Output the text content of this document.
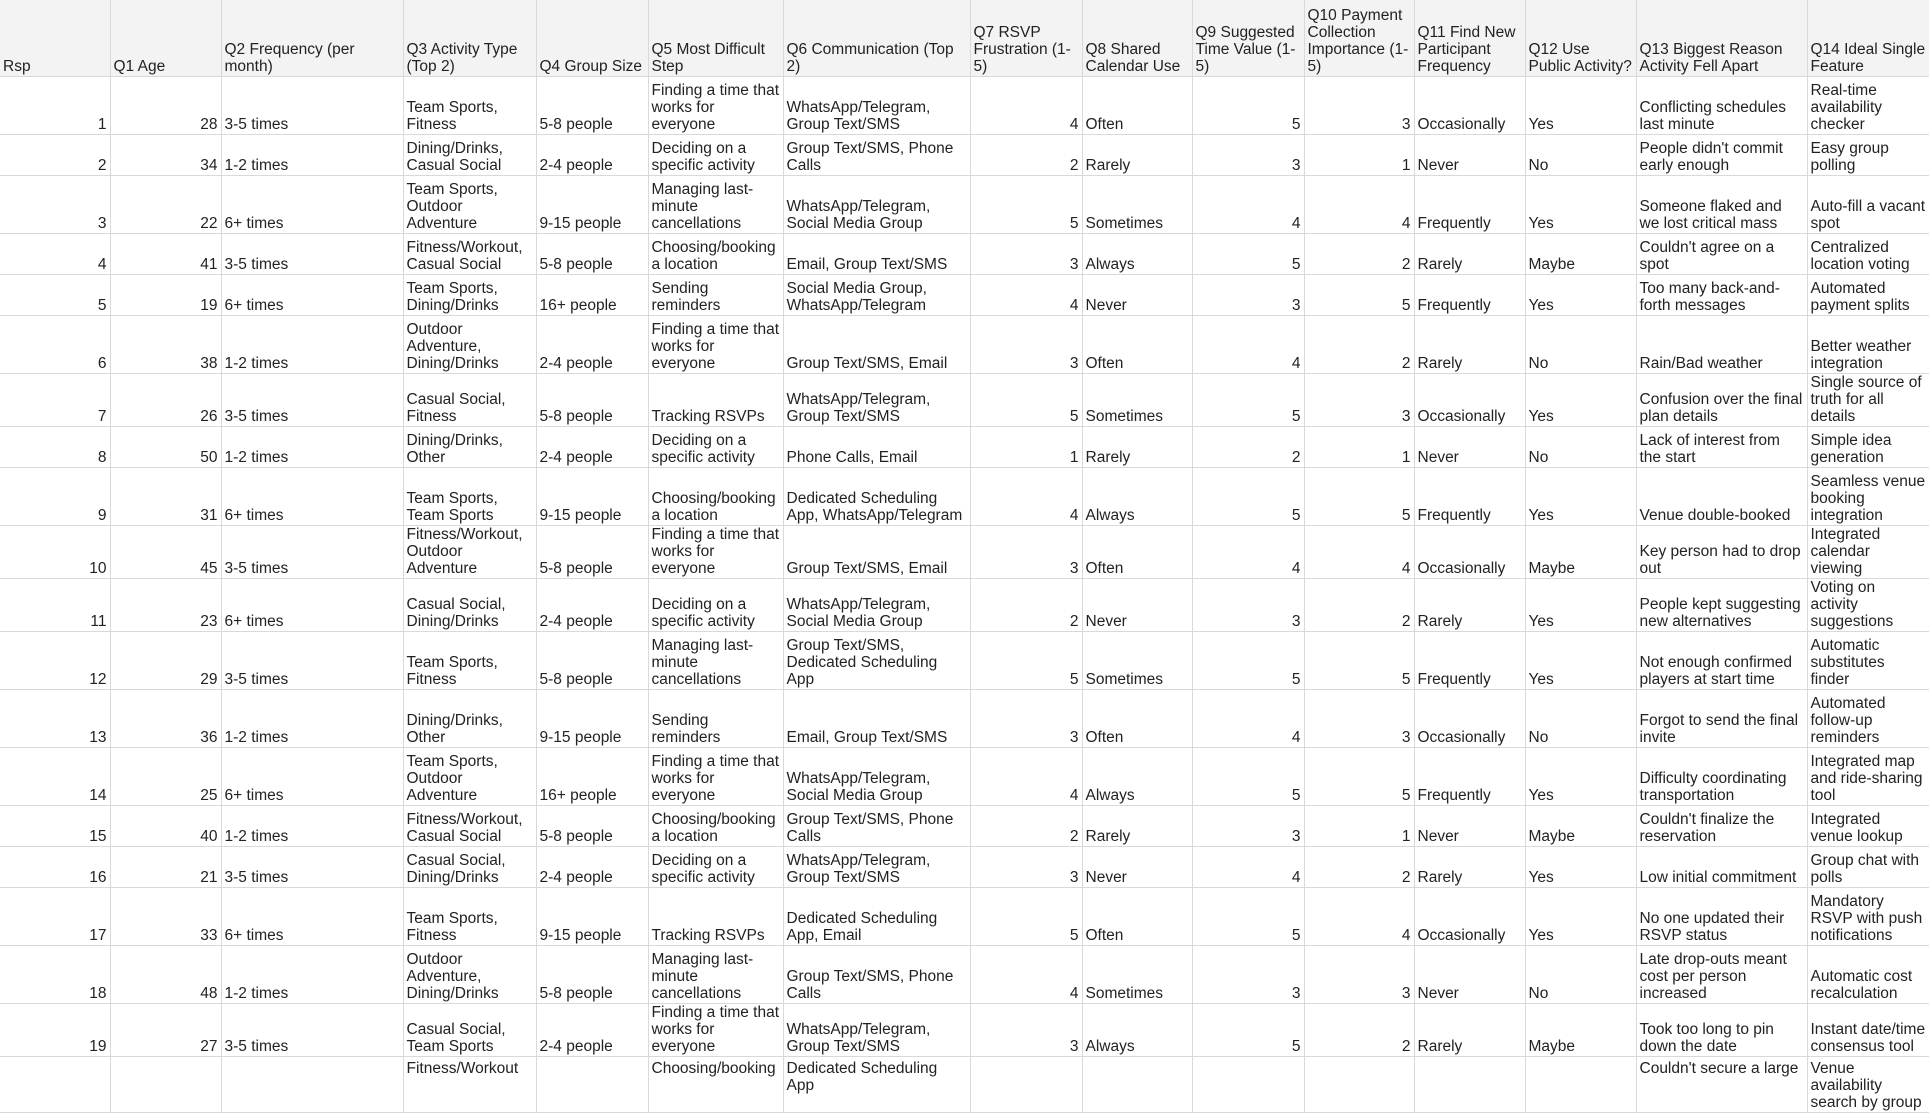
Rsp	Q1 Age	Q2 Frequency (per month)	Q3 Activity Type (Top 2)	Q4 Group Size	Q5 Most Difficult Step	Q6 Communication (Top 2)	Q7 RSVP Frustration (1-5)	Q8 Shared Calendar Use	Q9 Suggested Time Value (1-5)	Q10 Payment Collection Importance (1-5)	Q11 Find New Participant Frequency	Q12 Use Public Activity?	Q13 Biggest Reason Activity Fell Apart	Q14 Ideal Single Feature
1	28	3-5 times	Team Sports, Fitness	5-8 people	Finding a time that works for everyone	WhatsApp/Telegram, Group Text/SMS	4	Often	5	3	Occasionally	Yes	Conflicting schedules last minute	Real-time availability checker
2	34	1-2 times	Dining/Drinks, Casual Social	2-4 people	Deciding on a specific activity	Group Text/SMS, Phone Calls	2	Rarely	3	1	Never	No	People didn't commit early enough	Easy group polling
3	22	6+ times	Team Sports, Outdoor Adventure	9-15 people	Managing last-minute cancellations	WhatsApp/Telegram, Social Media Group	5	Sometimes	4	4	Frequently	Yes	Someone flaked and we lost critical mass	Auto-fill a vacant spot
4	41	3-5 times	Fitness/Workout, Casual Social	5-8 people	Choosing/booking a location	Email, Group Text/SMS	3	Always	5	2	Rarely	Maybe	Couldn't agree on a spot	Centralized location voting
5	19	6+ times	Team Sports, Dining/Drinks	16+ people	Sending reminders	Social Media Group, WhatsApp/Telegram	4	Never	3	5	Frequently	Yes	Too many back-and-forth messages	Automated payment splits
6	38	1-2 times	Outdoor Adventure, Dining/Drinks	2-4 people	Finding a time that works for everyone	Group Text/SMS, Email	3	Often	4	2	Rarely	No	Rain/Bad weather	Better weather integration
7	26	3-5 times	Casual Social, Fitness	5-8 people	Tracking RSVPs	WhatsApp/Telegram, Group Text/SMS	5	Sometimes	5	3	Occasionally	Yes	Confusion over the final plan details	Single source of truth for all details
8	50	1-2 times	Dining/Drinks, Other	2-4 people	Deciding on a specific activity	Phone Calls, Email	1	Rarely	2	1	Never	No	Lack of interest from the start	Simple idea generation
9	31	6+ times	Team Sports, Team Sports	9-15 people	Choosing/booking a location	Dedicated Scheduling App, WhatsApp/Telegram	4	Always	5	5	Frequently	Yes	Venue double-booked	Seamless venue booking integration
10	45	3-5 times	Fitness/Workout, Outdoor Adventure	5-8 people	Finding a time that works for everyone	Group Text/SMS, Email	3	Often	4	4	Occasionally	Maybe	Key person had to drop out	Integrated calendar viewing
11	23	6+ times	Casual Social, Dining/Drinks	2-4 people	Deciding on a specific activity	WhatsApp/Telegram, Social Media Group	2	Never	3	2	Rarely	Yes	People kept suggesting new alternatives	Voting on activity suggestions
12	29	3-5 times	Team Sports, Fitness	5-8 people	Managing last-minute cancellations	Group Text/SMS, Dedicated Scheduling App	5	Sometimes	5	5	Frequently	Yes	Not enough confirmed players at start time	Automatic substitutes finder
13	36	1-2 times	Dining/Drinks, Other	9-15 people	Sending reminders	Email, Group Text/SMS	3	Often	4	3	Occasionally	No	Forgot to send the final invite	Automated follow-up reminders
14	25	6+ times	Team Sports, Outdoor Adventure	16+ people	Finding a time that works for everyone	WhatsApp/Telegram, Social Media Group	4	Always	5	5	Frequently	Yes	Difficulty coordinating transportation	Integrated map and ride-sharing tool
15	40	1-2 times	Fitness/Workout, Casual Social	5-8 people	Choosing/booking a location	Group Text/SMS, Phone Calls	2	Rarely	3	1	Never	Maybe	Couldn't finalize the reservation	Integrated venue lookup
16	21	3-5 times	Casual Social, Dining/Drinks	2-4 people	Deciding on a specific activity	WhatsApp/Telegram, Group Text/SMS	3	Never	4	2	Rarely	Yes	Low initial commitment	Group chat with polls
17	33	6+ times	Team Sports, Fitness	9-15 people	Tracking RSVPs	Dedicated Scheduling App, Email	5	Often	5	4	Occasionally	Yes	No one updated their RSVP status	Mandatory RSVP with push notifications
18	48	1-2 times	Outdoor Adventure, Dining/Drinks	5-8 people	Managing last-minute cancellations	Group Text/SMS, Phone Calls	4	Sometimes	3	3	Never	No	Late drop-outs meant cost per person increased	Automatic cost recalculation
19	27	3-5 times	Casual Social, Team Sports	2-4 people	Finding a time that works for everyone	WhatsApp/Telegram, Group Text/SMS	3	Always	5	2	Rarely	Maybe	Took too long to pin down the date	Instant date/time consensus tool
			Fitness/Workout		Choosing/booking	Dedicated Scheduling App							Couldn't secure a large	Venue availability search by group
